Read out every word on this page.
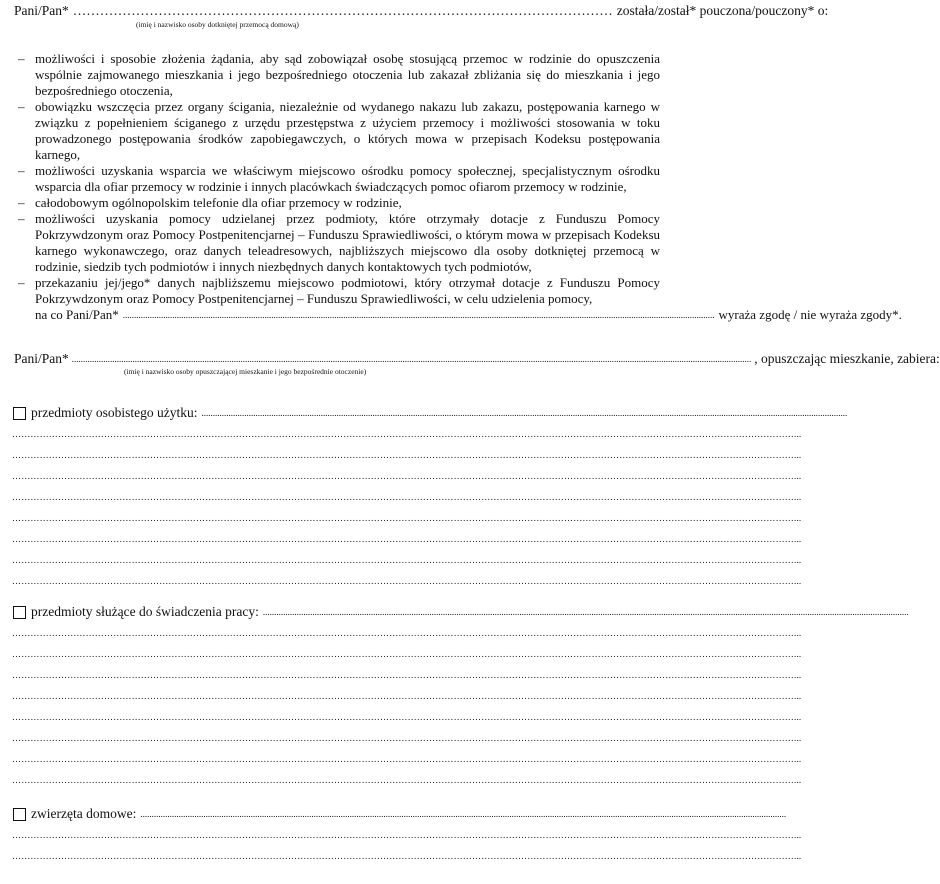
Pani/Pan* ………………………………………………………………………………………………………… została/został* pouczona/pouczony* o:
(imię i nazwisko osoby dotkniętej przemocą domową)
– możliwości i sposobie złożenia żądania, aby sąd zobowiązał osobę stosującą przemoc w rodzinie do opuszczenia wspólnie zajmowanego mieszkania i jego bezpośredniego otoczenia lub zakazał zbliżania się do mieszkania i jego bezpośredniego otoczenia,
– obowiązku wszczęcia przez organy ścigania, niezależnie od wydanego nakazu lub zakazu, postępowania karnego w związku z popełnieniem ściganego z urzędu przestępstwa z użyciem przemocy i możliwości stosowania w toku prowadzonego postępowania środków zapobiegawczych, o których mowa w przepisach Kodeksu postępowania karnego,
– możliwości uzyskania wsparcia we właściwym miejscowo ośrodku pomocy społecznej, specjalistycznym ośrodku wsparcia dla ofiar przemocy w rodzinie i innych placówkach świadczących pomoc ofiarom przemocy w rodzinie,
– całodobowym ogólnopolskim telefonie dla ofiar przemocy w rodzinie,
– możliwości uzyskania pomocy udzielanej przez podmioty, które otrzymały dotacje z Funduszu Pomocy Pokrzywdzonym oraz Pomocy Postpenitencjarnej – Funduszu Sprawiedliwości, o którym mowa w przepisach Kodeksu karnego wykonawczego, oraz danych teleadresowych, najbliższych miejscowo dla osoby dotkniętej przemocą w rodzinie, siedzib tych podmiotów i innych niezbędnych danych kontaktowych tych podmiotów,
– przekazaniu jej/jego* danych najbliższemu miejscowo podmiotowi, który otrzymał dotacje z Funduszu Pomocy Pokrzywdzonym oraz Pomocy Postpenitencjarnej – Funduszu Sprawiedliwości, w celu udzielenia pomocy,
na co Pani/Pan* ....................................................................................................................................................................................................................................................................... wyraża zgodę / nie wyraża zgody*.
Pani/Pan* .............................................................................................................................................................................................................................................................................................................. , opuszczając mieszkanie, zabiera:
(imię i nazwisko osoby opuszczającej mieszkanie i jego bezpośrednie otoczenie)
przedmioty osobistego użytku: ...............................................................................................................................................................................................................................................................................................
…………………………………………………………………………………………………………………………………………………………………………………………………………………………………...
…………………………………………………………………………………………………………………………………………………………………………………………………………………………………...
…………………………………………………………………………………………………………………………………………………………………………………………………………………………………...
…………………………………………………………………………………………………………………………………………………………………………………………………………………………………...
…………………………………………………………………………………………………………………………………………………………………………………………………………………………………...
…………………………………………………………………………………………………………………………………………………………………………………………………………………………………...
…………………………………………………………………………………………………………………………………………………………………………………………………………………………………...
…………………………………………………………………………………………………………………………………………………………………………………………………………………………………...
przedmioty służące do świadczenia pracy: ...............................................................................................................................................................................................................................................................................................
…………………………………………………………………………………………………………………………………………………………………………………………………………………………………...
…………………………………………………………………………………………………………………………………………………………………………………………………………………………………...
…………………………………………………………………………………………………………………………………………………………………………………………………………………………………...
…………………………………………………………………………………………………………………………………………………………………………………………………………………………………...
…………………………………………………………………………………………………………………………………………………………………………………………………………………………………...
…………………………………………………………………………………………………………………………………………………………………………………………………………………………………...
…………………………………………………………………………………………………………………………………………………………………………………………………………………………………...
…………………………………………………………………………………………………………………………………………………………………………………………………………………………………...
zwierzęta domowe: ...............................................................................................................................................................................................................................................................................................
…………………………………………………………………………………………………………………………………………………………………………………………………………………………………...
…………………………………………………………………………………………………………………………………………………………………………………………………………………………………...
